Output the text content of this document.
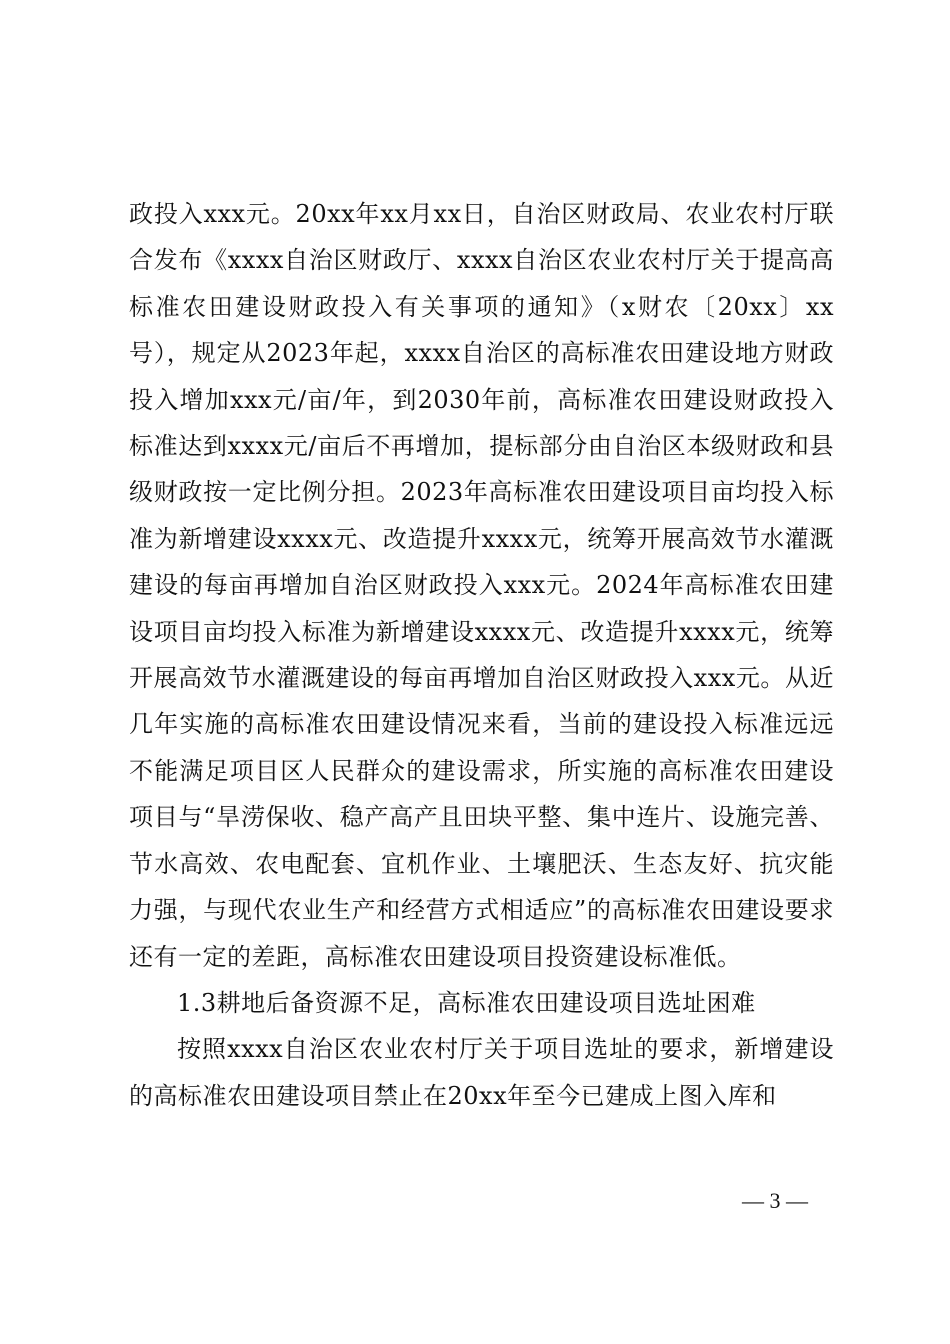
政投入xxx元。20xx年xx月xx日，自治区财政局、农业农村厅联合发布《xxxx自治区财政厅、xxxx自治区农业农村厅关于提高高标准农田建设财政投入有关事项的通知》（x财农〔20xx〕xx号），规定从2023年起，xxxx自治区的高标准农田建设地方财政投入增加xxx元/亩/年，到2030年前，高标准农田建设财政投入标准达到xxxx元/亩后不再增加，提标部分由自治区本级财政和县级财政按一定比例分担。2023年高标准农田建设项目亩均投入标准为新增建设xxxx元、改造提升xxxx元，统筹开展高效节水灌溉建设的每亩再增加自治区财政投入xxx元。2024年高标准农田建设项目亩均投入标准为新增建设xxxx元、改造提升xxxx元，统筹开展高效节水灌溉建设的每亩再增加自治区财政投入xxx元。从近几年实施的高标准农田建设情况来看，当前的建设投入标准远远不能满足项目区人民群众的建设需求，所实施的高标准农田建设项目与“旱涝保收、稳产高产且田块平整、集中连片、设施完善、节水高效、农电配套、宜机作业、土壤肥沃、生态友好、抗灾能力强，与现代农业生产和经营方式相适应”的高标准农田建设要求还有一定的差距，高标准农田建设项目投资建设标准低。

1.3耕地后备资源不足，高标准农田建设项目选址困难

按照xxxx自治区农业农村厅关于项目选址的要求，新增建设的高标准农田建设项目禁止在20xx年至今已建成上图入库和

— 3 —
